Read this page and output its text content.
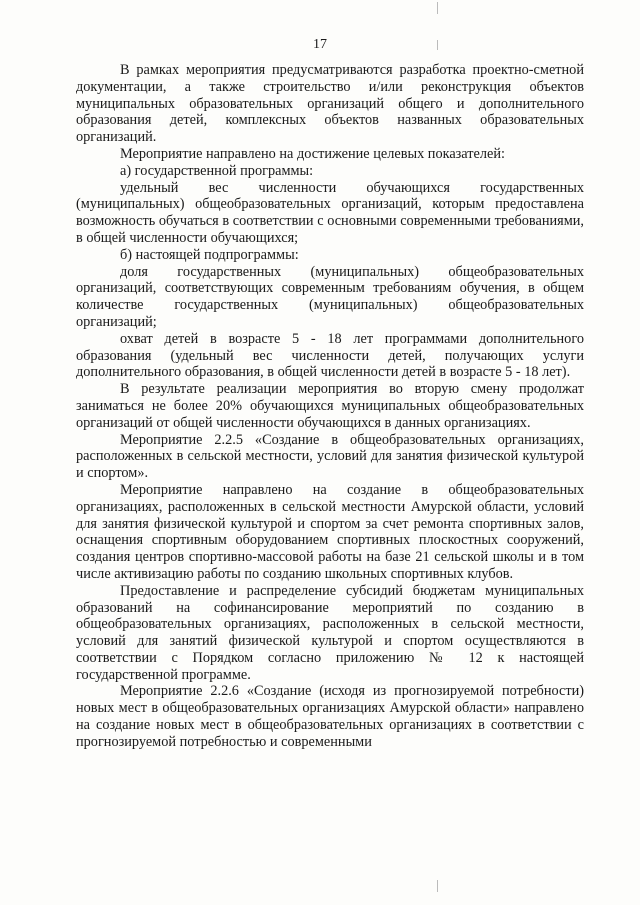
17

В рамках мероприятия предусматриваются разработка проектно-сметной документации, а также строительство и/или реконструкция объектов муниципальных образовательных организаций общего и дополнительного образования детей, комплексных объектов названных образовательных организаций.

Мероприятие направлено на достижение целевых показателей:

а) государственной программы:

удельный вес численности обучающихся государственных (муниципальных) общеобразовательных организаций, которым предоставлена возможность обучаться в соответствии с основными современными требованиями, в общей численности обучающихся;

б) настоящей подпрограммы:

доля государственных (муниципальных) общеобразовательных организаций, соответствующих современным требованиям обучения, в общем количестве государственных (муниципальных) общеобразовательных организаций;

охват детей в возрасте 5 - 18 лет программами дополнительного образования (удельный вес численности детей, получающих услуги дополнительного образования, в общей численности детей в возрасте 5 - 18 лет).

В результате реализации мероприятия во вторую смену продолжат заниматься не более 20% обучающихся муниципальных общеобразовательных организаций от общей численности обучающихся в данных организациях.

Мероприятие 2.2.5 «Создание в общеобразовательных организациях, расположенных в сельской местности, условий для занятия физической культурой и спортом».

Мероприятие направлено на создание в общеобразовательных организациях, расположенных в сельской местности Амурской области, условий для занятия физической культурой и спортом за счет ремонта спортивных залов, оснащения спортивным оборудованием спортивных плоскостных сооружений, создания центров спортивно-массовой работы на базе 21 сельской школы и в том числе активизацию работы по созданию школьных спортивных клубов.

Предоставление и распределение субсидий бюджетам муниципальных образований на софинансирование мероприятий по созданию в общеобразовательных организациях, расположенных в сельской местности, условий для занятий физической культурой и спортом осуществляются в соответствии с Порядком согласно приложению № 12 к настоящей государственной программе.

Мероприятие 2.2.6 «Создание (исходя из прогнозируемой потребности) новых мест в общеобразовательных организациях Амурской области» направлено на создание новых мест в общеобразовательных организациях в соответствии с прогнозируемой потребностью и современными
